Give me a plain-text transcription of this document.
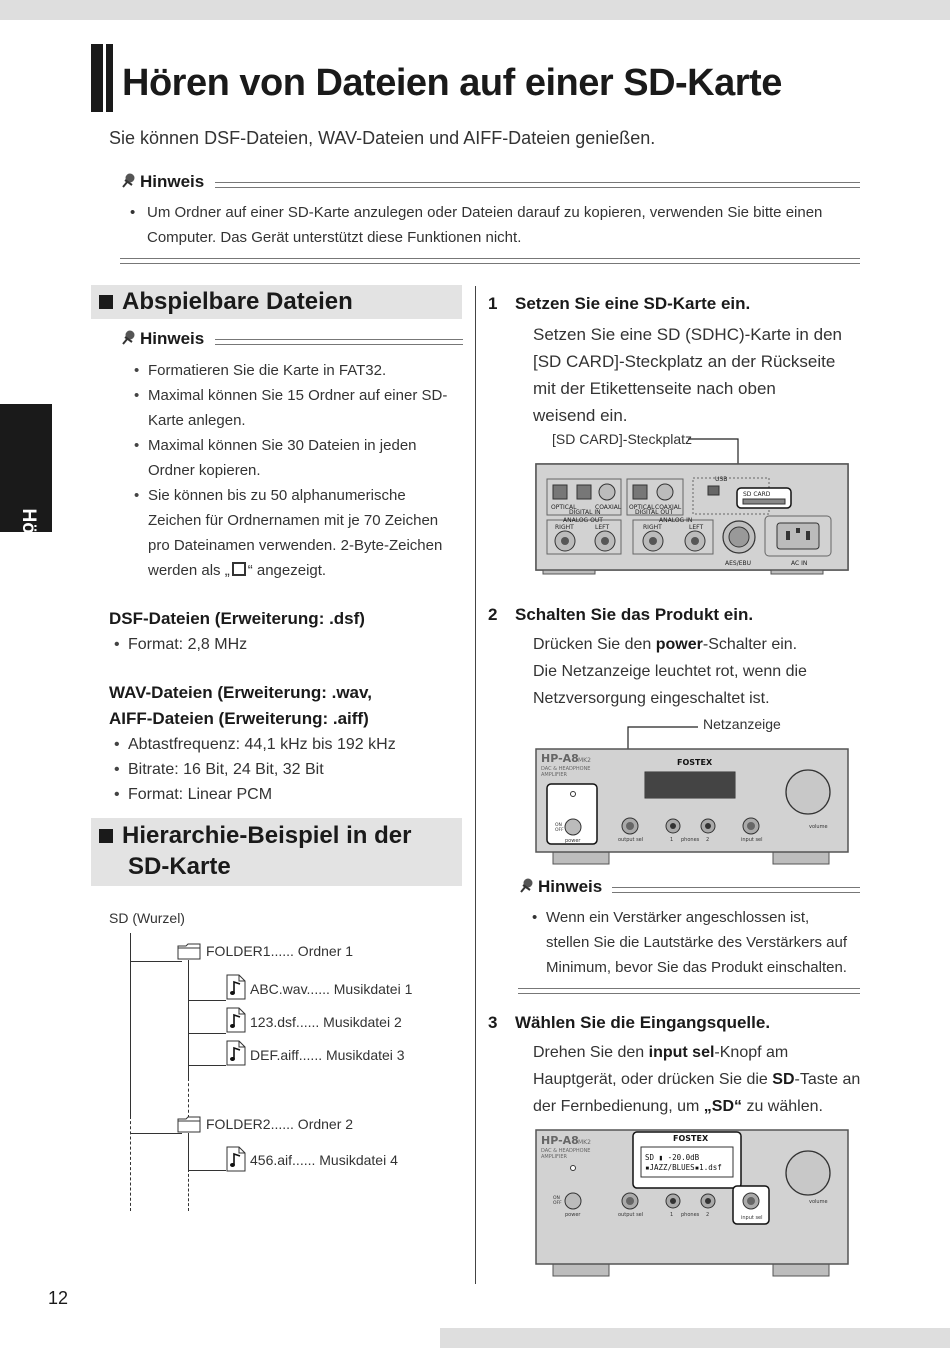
Hören von Dateien auf einer SD-Karte
Sie können DSF-Dateien, WAV-Dateien und AIFF-Dateien genießen.
Hinweis
• Um Ordner auf einer SD-Karte anzulegen oder Dateien darauf zu kopieren, verwenden Sie bitte einen
Computer. Das Gerät unterstützt diese Funktionen nicht.
Hören
Abspielbare Dateien
Hinweis
• Formatieren Sie die Karte in FAT32.
• Maximal können Sie 15 Ordner auf einer SD-Karte anlegen.
• Maximal können Sie 30 Dateien in jeden Ordner kopieren.
• Sie können bis zu 50 alphanumerische Zeichen für Ordnernamen mit je 70 Zeichen pro Dateinamen verwenden. 2-Byte-Zeichen werden als „ “ angezeigt.
DSF-Dateien (Erweiterung: .dsf)
• Format: 2,8 MHz
WAV-Dateien (Erweiterung: .wav,
AIFF-Dateien (Erweiterung: .aiff)
• Abtastfrequenz: 44,1 kHz bis 192 kHz
• Bitrate: 16 Bit, 24 Bit, 32 Bit
• Format: Linear PCM
Hierarchie-Beispiel in der
SD-Karte
SD (Wurzel)
FOLDER1...... Ordner 1
ABC.wav...... Musikdatei 1
123.dsf...... Musikdatei 2
DEF.aiff...... Musikdatei 3
FOLDER2...... Ordner 2
456.aif...... Musikdatei 4
12
1 Setzen Sie eine SD-Karte ein.
Setzen Sie eine SD (SDHC)-Karte in den
[SD CARD]-Steckplatz an der Rückseite
mit der Etikettenseite nach oben
weisend ein.
[SD CARD]-Steckplatz
OPTICAL	COAXIAL
DIGITAL IN
OPTICAL COAXIAL
DIGITAL OUT
USB
SD CARD
ANALOG OUT
RIGHT	LEFT
ANALOG IN
RIGHT	LEFT
AES/EBU	AC IN
2 Schalten Sie das Produkt ein.
Drücken Sie den power-Schalter ein.
Die Netzanzeige leuchtet rot, wenn die
Netzversorgung eingeschaltet ist.
Netzanzeige
HP-A8 MK2
DAC & HEADPHONE
AMPLIFIER
FOSTEX
ON
OFF
power	output sel	1 phones 2	input sel
volume
Hinweis
• Wenn ein Verstärker angeschlossen ist,
stellen Sie die Lautstärke des Verstärkers auf
Minimum, bevor Sie das Produkt einschalten.
3 Wählen Sie die Eingangsquelle.
Drehen Sie den input sel-Knopf am
Hauptgerät, oder drücken Sie die SD-Taste an
der Fernbedienung, um „SD“ zu wählen.
HP-A8 MK2
DAC & HEADPHONE
AMPLIFIER
FOSTEX
SD ▮ -20.0dB
▪JAZZ/BLUES▪1.dsf
ON
OFF
power	output sel	1 phones 2	input sel
volume
